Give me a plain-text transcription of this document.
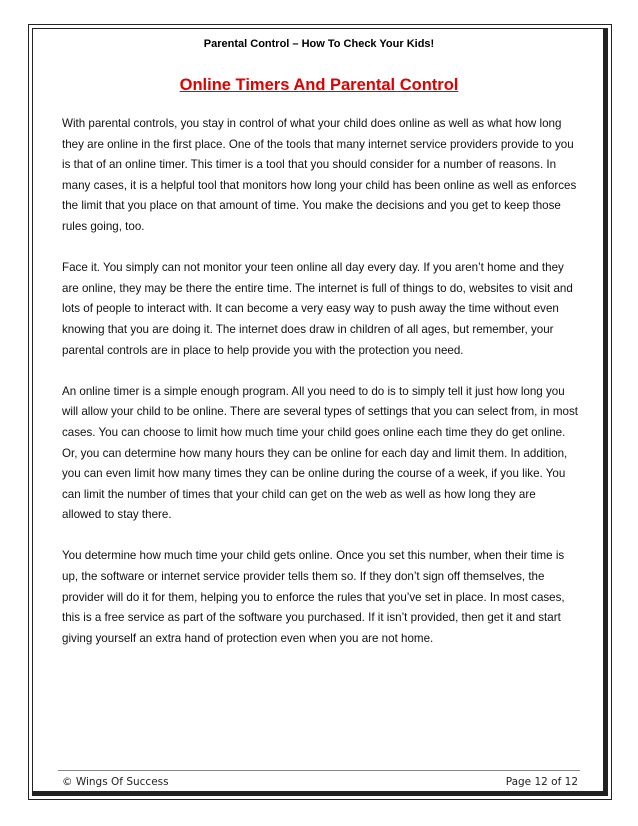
Parental Control – How To Check Your Kids!
Online Timers And Parental Control

With parental controls, you stay in control of what your child does online as well as what how long they are online in the first place. One of the tools that many internet service providers provide to you is that of an online timer. This timer is a tool that you should consider for a number of reasons. In many cases, it is a helpful tool that monitors how long your child has been online as well as enforces the limit that you place on that amount of time. You make the decisions and you get to keep those rules going, too.

Face it. You simply can not monitor your teen online all day every day. If you aren’t home and they are online, they may be there the entire time. The internet is full of things to do, websites to visit and lots of people to interact with. It can become a very easy way to push away the time without even knowing that you are doing it. The internet does draw in children of all ages, but remember, your parental controls are in place to help provide you with the protection you need.

An online timer is a simple enough program. All you need to do is to simply tell it just how long you will allow your child to be online. There are several types of settings that you can select from, in most cases. You can choose to limit how much time your child goes online each time they do get online. Or, you can determine how many hours they can be online for each day and limit them. In addition, you can even limit how many times they can be online during the course of a week, if you like. You can limit the number of times that your child can get on the web as well as how long they are allowed to stay there.

You determine how much time your child gets online. Once you set this number, when their time is up, the software or internet service provider tells them so. If they don’t sign off themselves, the provider will do it for them, helping you to enforce the rules that you’ve set in place. In most cases, this is a free service as part of the software you purchased. If it isn’t provided, then get it and start giving yourself an extra hand of protection even when you are not home.

© Wings Of Success	Page 12 of 12
